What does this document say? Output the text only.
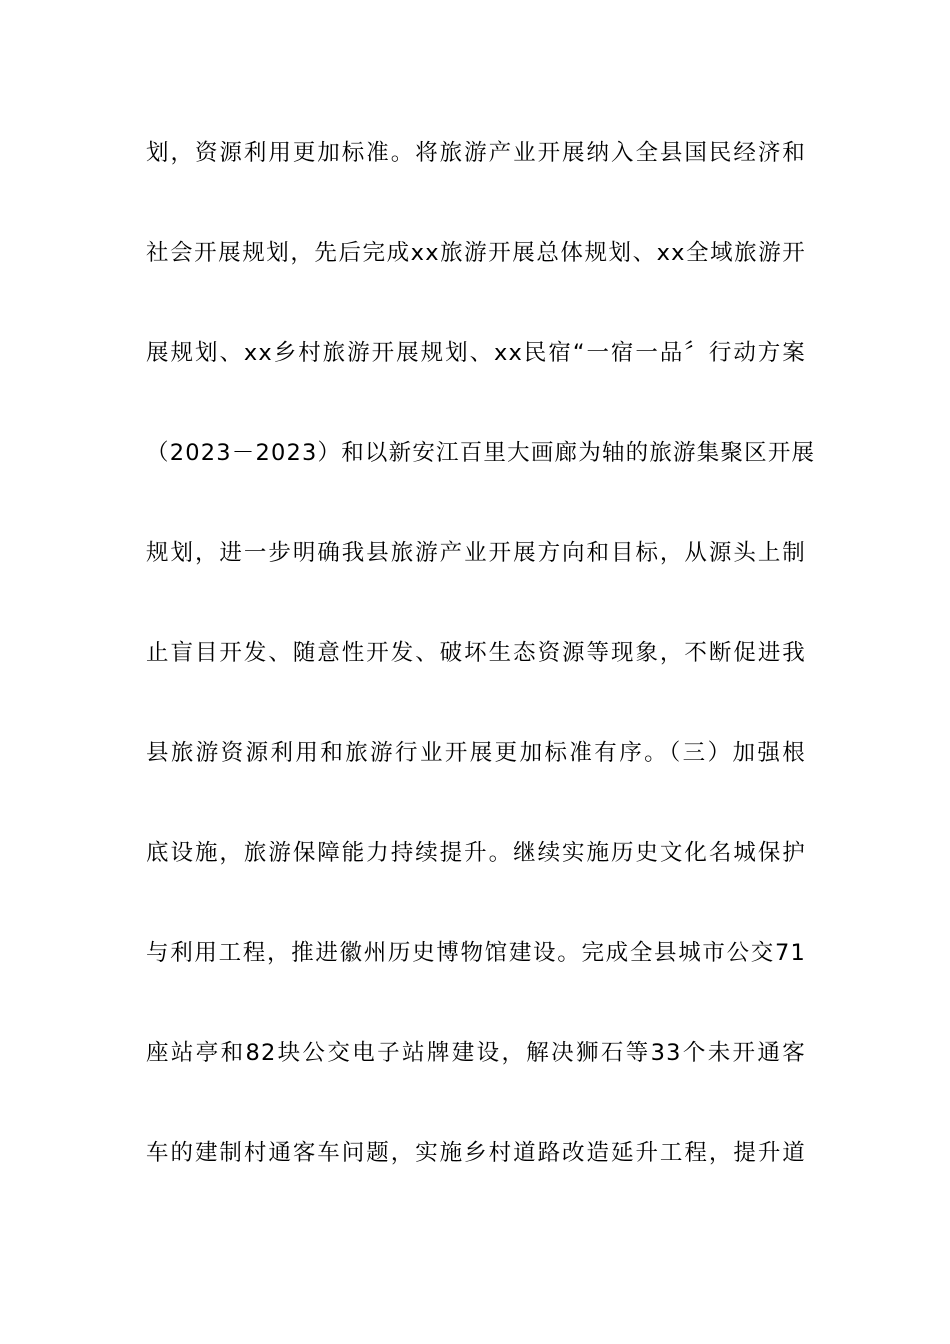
划，资源利用更加标准。将旅游产业开展纳入全县国民经济和
社会开展规划，先后完成xx旅游开展总体规划、xx全域旅游开
展规划、xx乡村旅游开展规划、xx民宿“一宿一品〞行动方案
（2023－2023）和以新安江百里大画廊为轴的旅游集聚区开展
规划，进一步明确我县旅游产业开展方向和目标，从源头上制
止盲目开发、随意性开发、破坏生态资源等现象，不断促进我
县旅游资源利用和旅游行业开展更加标准有序。（三）加强根
底设施，旅游保障能力持续提升。继续实施历史文化名城保护
与利用工程，推进徽州历史博物馆建设。完成全县城市公交71
座站亭和82块公交电子站牌建设，解决狮石等33个未开通客
车的建制村通客车问题，实施乡村道路改造延升工程，提升道
